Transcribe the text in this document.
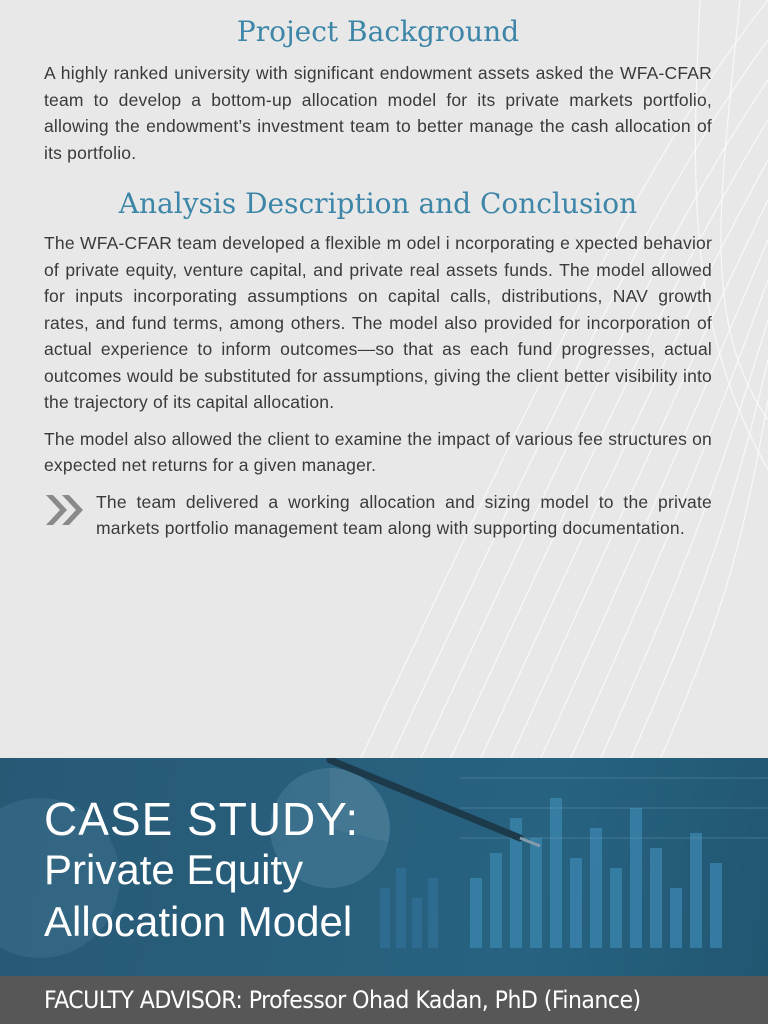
Project Background

A highly ranked university with significant endowment assets asked the WFA-CFAR team to develop a bottom-up allocation model for its private markets portfolio, allowing the endowment’s investment team to better manage the cash allocation of its portfolio.

Analysis Description and Conclusion

The WFA-CFAR team developed a flexible m odel i ncorporating e xpected behavior of private equity, venture capital, and private real assets funds. The model allowed for inputs incorporating assumptions on capital calls, distributions, NAV growth rates, and fund terms, among others. The model also provided for incorporation of actual experience to inform outcomes—so that as each fund progresses, actual outcomes would be substituted for assumptions, giving the client better visibility into the trajectory of its capital allocation.

The model also allowed the client to examine the impact of various fee structures on expected net returns for a given manager.

The team delivered a working allocation and sizing model to the private markets portfolio management team along with supporting documentation.

CASE STUDY:
Private Equity
Allocation Model
FACULTY ADVISOR: Professor Ohad Kadan, PhD (Finance)
